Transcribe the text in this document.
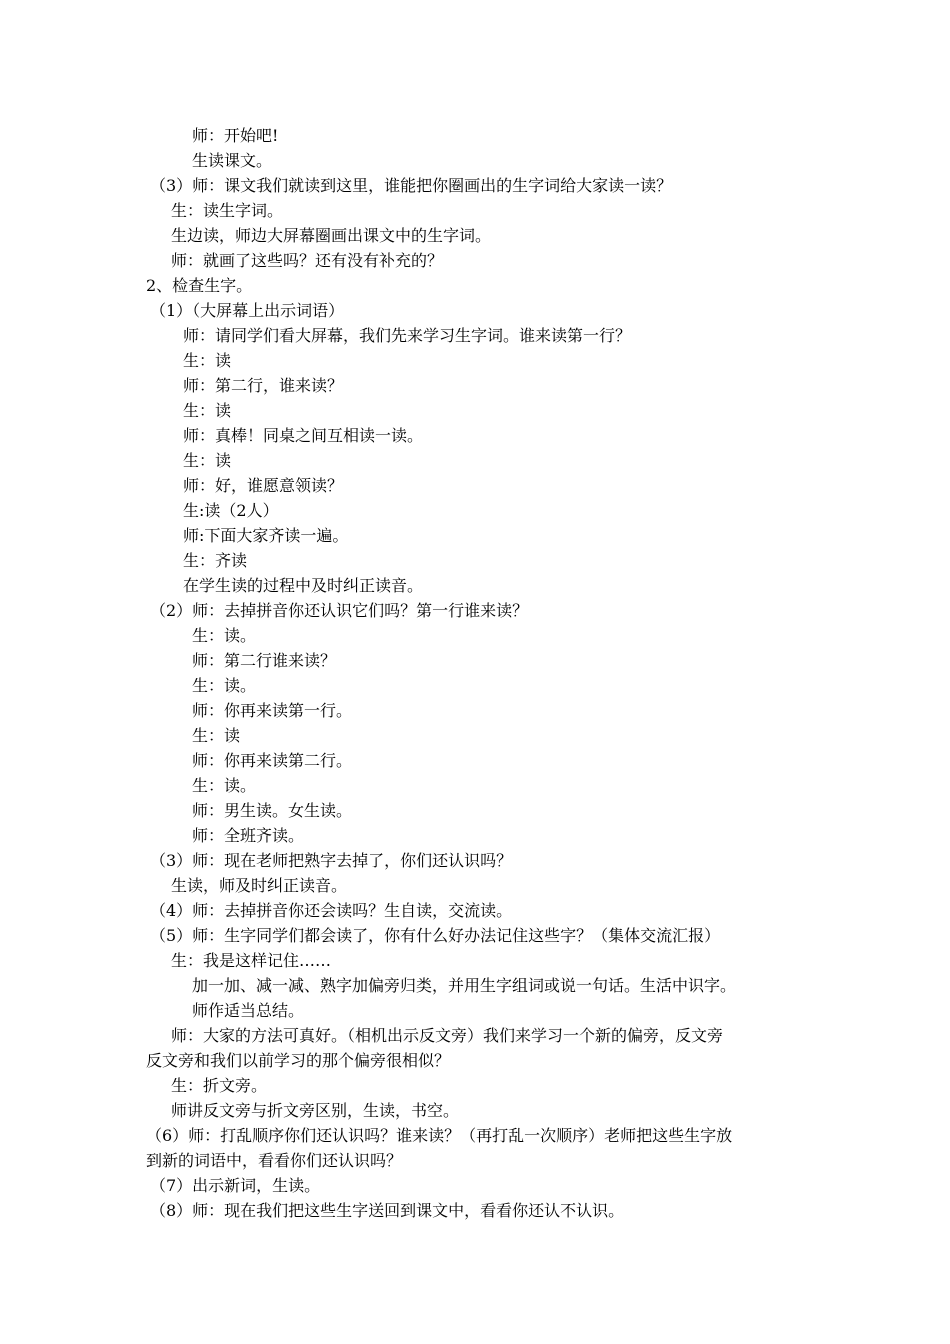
师：开始吧!
生读课文。
（3）师：课文我们就读到这里，谁能把你圈画出的生字词给大家读一读？
生：读生字词。
生边读，师边大屏幕圈画出课文中的生字词。
师：就画了这些吗？还有没有补充的？
2、检查生字。
（1）（大屏幕上出示词语）
师：请同学们看大屏幕，我们先来学习生字词。谁来读第一行？
生：读
师：第二行，谁来读？
生：读
师：真棒！同桌之间互相读一读。
生：读
师：好，谁愿意领读？
生:读（2人）
师:下面大家齐读一遍。
生：齐读
在学生读的过程中及时纠正读音。
（2）师：去掉拼音你还认识它们吗？第一行谁来读？
生：读。
师：第二行谁来读？
生：读。
师：你再来读第一行。
生：读
师：你再来读第二行。
生：读。
师：男生读。女生读。
师：全班齐读。
（3）师：现在老师把熟字去掉了，你们还认识吗？
生读，师及时纠正读音。
（4）师：去掉拼音你还会读吗？生自读，交流读。
（5）师：生字同学们都会读了，你有什么好办法记住这些字？（集体交流汇报）
生：我是这样记住……
加一加、减一减、熟字加偏旁归类，并用生字组词或说一句话。生活中识字。
师作适当总结。
师：大家的方法可真好。（相机出示反文旁）我们来学习一个新的偏旁，反文旁
反文旁和我们以前学习的那个偏旁很相似？
生：折文旁。
师讲反文旁与折文旁区别，生读，书空。
（6）师：打乱顺序你们还认识吗？谁来读？（再打乱一次顺序）老师把这些生字放
到新的词语中，看看你们还认识吗？
（7）出示新词，生读。
（8）师：现在我们把这些生字送回到课文中，看看你还认不认识。
